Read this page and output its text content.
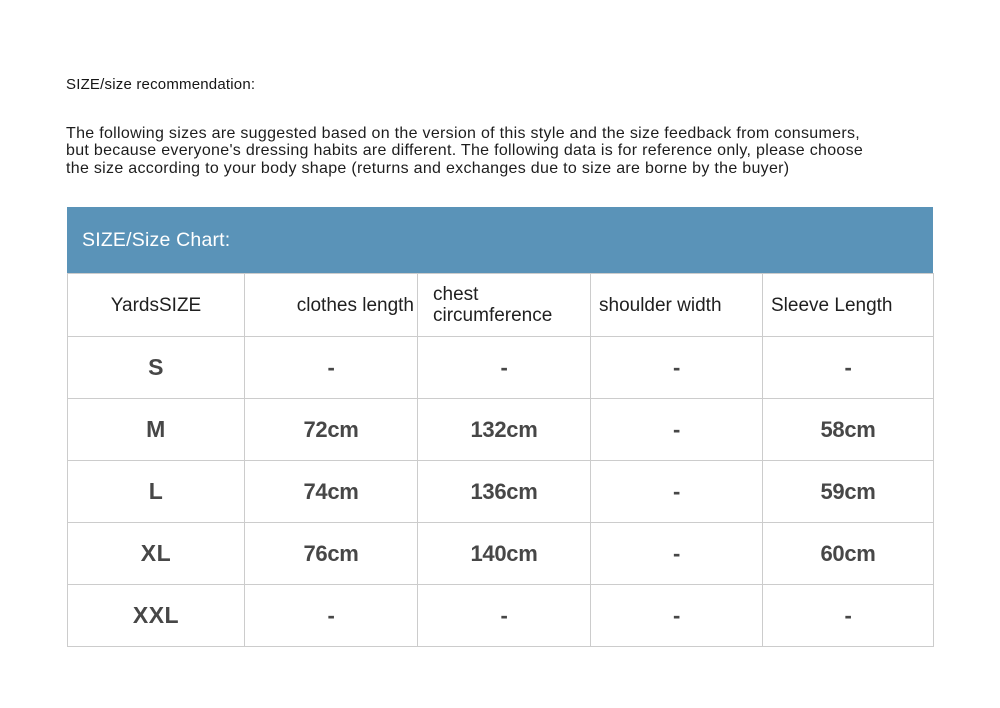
SIZE/size recommendation:
The following sizes are suggested based on the version of this style and the size feedback from consumers,
but because everyone's dressing habits are different. The following data is for reference only, please choose
the size according to your body shape (returns and exchanges due to size are borne by the buyer)
SIZE/Size Chart:
YardsSIZE	clothes length	chest circumference	shoulder width	Sleeve Length
S	-	-	-	-
M	72cm	132cm	-	58cm
L	74cm	136cm	-	59cm
XL	76cm	140cm	-	60cm
XXL	-	-	-	-
